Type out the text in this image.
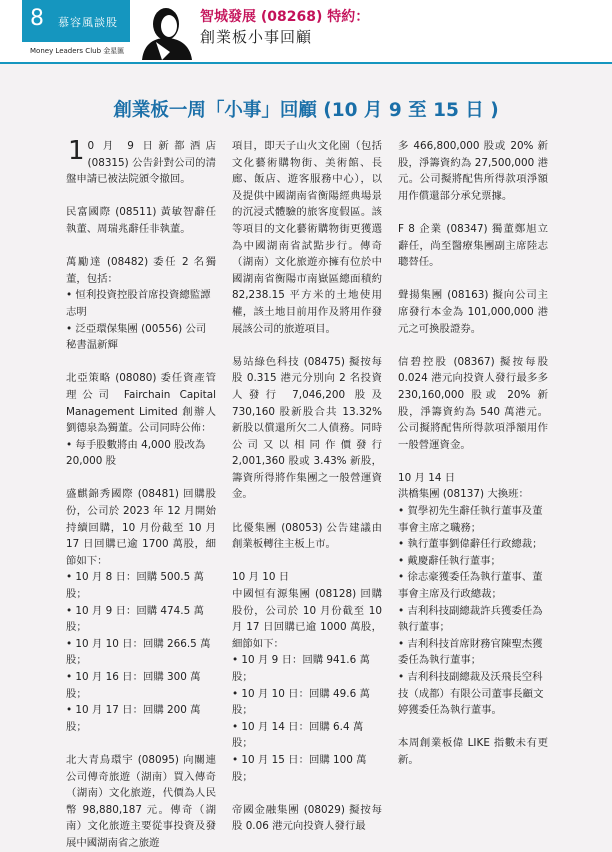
8 慕容風談股
Money Leaders Club 金星匯
智城發展 (08268) 特約：
創業板小事回顧
創業板一周「小事」回顧 (10 月 9 至 15 日 )

1 0 月 9 日新都酒店 (08315) 公告針對公司的清盤申請已被法院頒令撤回。

民富國際 (08511) 黃敏智辭任執董、周瑞兆辭任非執董。

萬勵達 (08482) 委任 2 名獨董，包括：

• 恒利投資控股首席投資總監譚志明
• 泛亞環保集團 (00556) 公司秘書温新輝

北亞策略 (08080) 委任資產管理公司 Fairchain Capital Management Limited 創辦人劉德泉為獨董。公司同時公佈：

• 每手股數將由 4,000 股改為 20,000 股

盛麒錦秀國際 (08481) 回購股份，公司於 2023 年 12 月開始持續回購，10 月份截至 10 月 17 日回購已逾 1700 萬股，細節如下：

• 10 月 8 日：回購 500.5 萬股；
• 10 月 9 日：回購 474.5 萬股；
• 10 月 10 日：回購 266.5 萬股；
• 10 月 16 日：回購 300 萬股；
• 10 月 17 日：回購 200 萬股；

北大青鳥環宇 (08095) 向關連公司傳奇旅遊（湖南）買入傳奇（湖南）文化旅遊，代價為人民幣 98,880,187 元。傳奇（湖南）文化旅遊主要從事投資及發展中國湖南省之旅遊

項目，即天子山火文化園（包括文化藝術購物街、美術館、長廊、飯店、遊客服務中心），以及提供中國湖南省衡陽經典場景的沉浸式體驗的旅客度假區。該等項目的文化藝術購物街更獲選為中國湖南省試點步行。傳奇（湖南）文化旅遊亦擁有位於中國湖南省衡陽市南嶽區總面積約 82,238.15 平方米的土地使用權，該土地目前用作及將用作發展該公司的旅遊項目。

易站綠色科技 (08475) 擬按每股 0.315 港元分別向 2 名投資人發行 7,046,200 股及 730,160 股新股合共 13.32% 新股以償還所欠二人債務。同時公司又以相同作價發行 2,001,360 股或 3.43% 新股，籌資所得將作集團之一般營運資金。

比優集團 (08053) 公告建議由創業板轉往主板上市。

10 月 10 日

中國恒有源集團 (08128) 回購股份，公司於 10 月份截至 10 月 17 日回購已逾 1000 萬股，細節如下：

• 10 月 9 日：回購 941.6 萬股；
• 10 月 10 日：回購 49.6 萬股；
• 10 月 14 日：回購 6.4 萬股；
• 10 月 15 日：回購 100 萬股；

帝國金融集團 (08029) 擬按每股 0.06 港元向投資人發行最

多 466,800,000 股或 20% 新股，淨籌資約為 27,500,000 港元。公司擬將配售所得款項淨額用作償還部分承兌票據。

F 8 企業 (08347) 獨董鄭旭立辭任，尚至醫療集團副主席陸志聰替任。

聲揚集團 (08163) 擬向公司主席發行本金為 101,000,000 港元之可換股證券。

信碧控股 (08367) 擬按每股 0.024 港元向投資人發行最多多 230,160,000 股或 20% 新股，淨籌資約為 540 萬港元。公司擬將配售所得款項淨額用作一般營運資金。

10 月 14 日

洪橋集團 (08137) 大換班：

• 賀學初先生辭任執行董事及董事會主席之職務；
• 執行董事劉偉辭任行政總裁；
• 戴慶辭任執行董事；
• 徐志豪獲委任為執行董事、董事會主席及行政總裁；
• 吉利科技副總裁許兵獲委任為執行董事；
• 吉利科技首席財務官陳聖杰獲委任為執行董事；
• 吉利科技副總裁及沃飛長空科技（成都）有限公司董事長顧文婷獲委任為執行董事。

本周創業板偉 LIKE 指數未有更新。
